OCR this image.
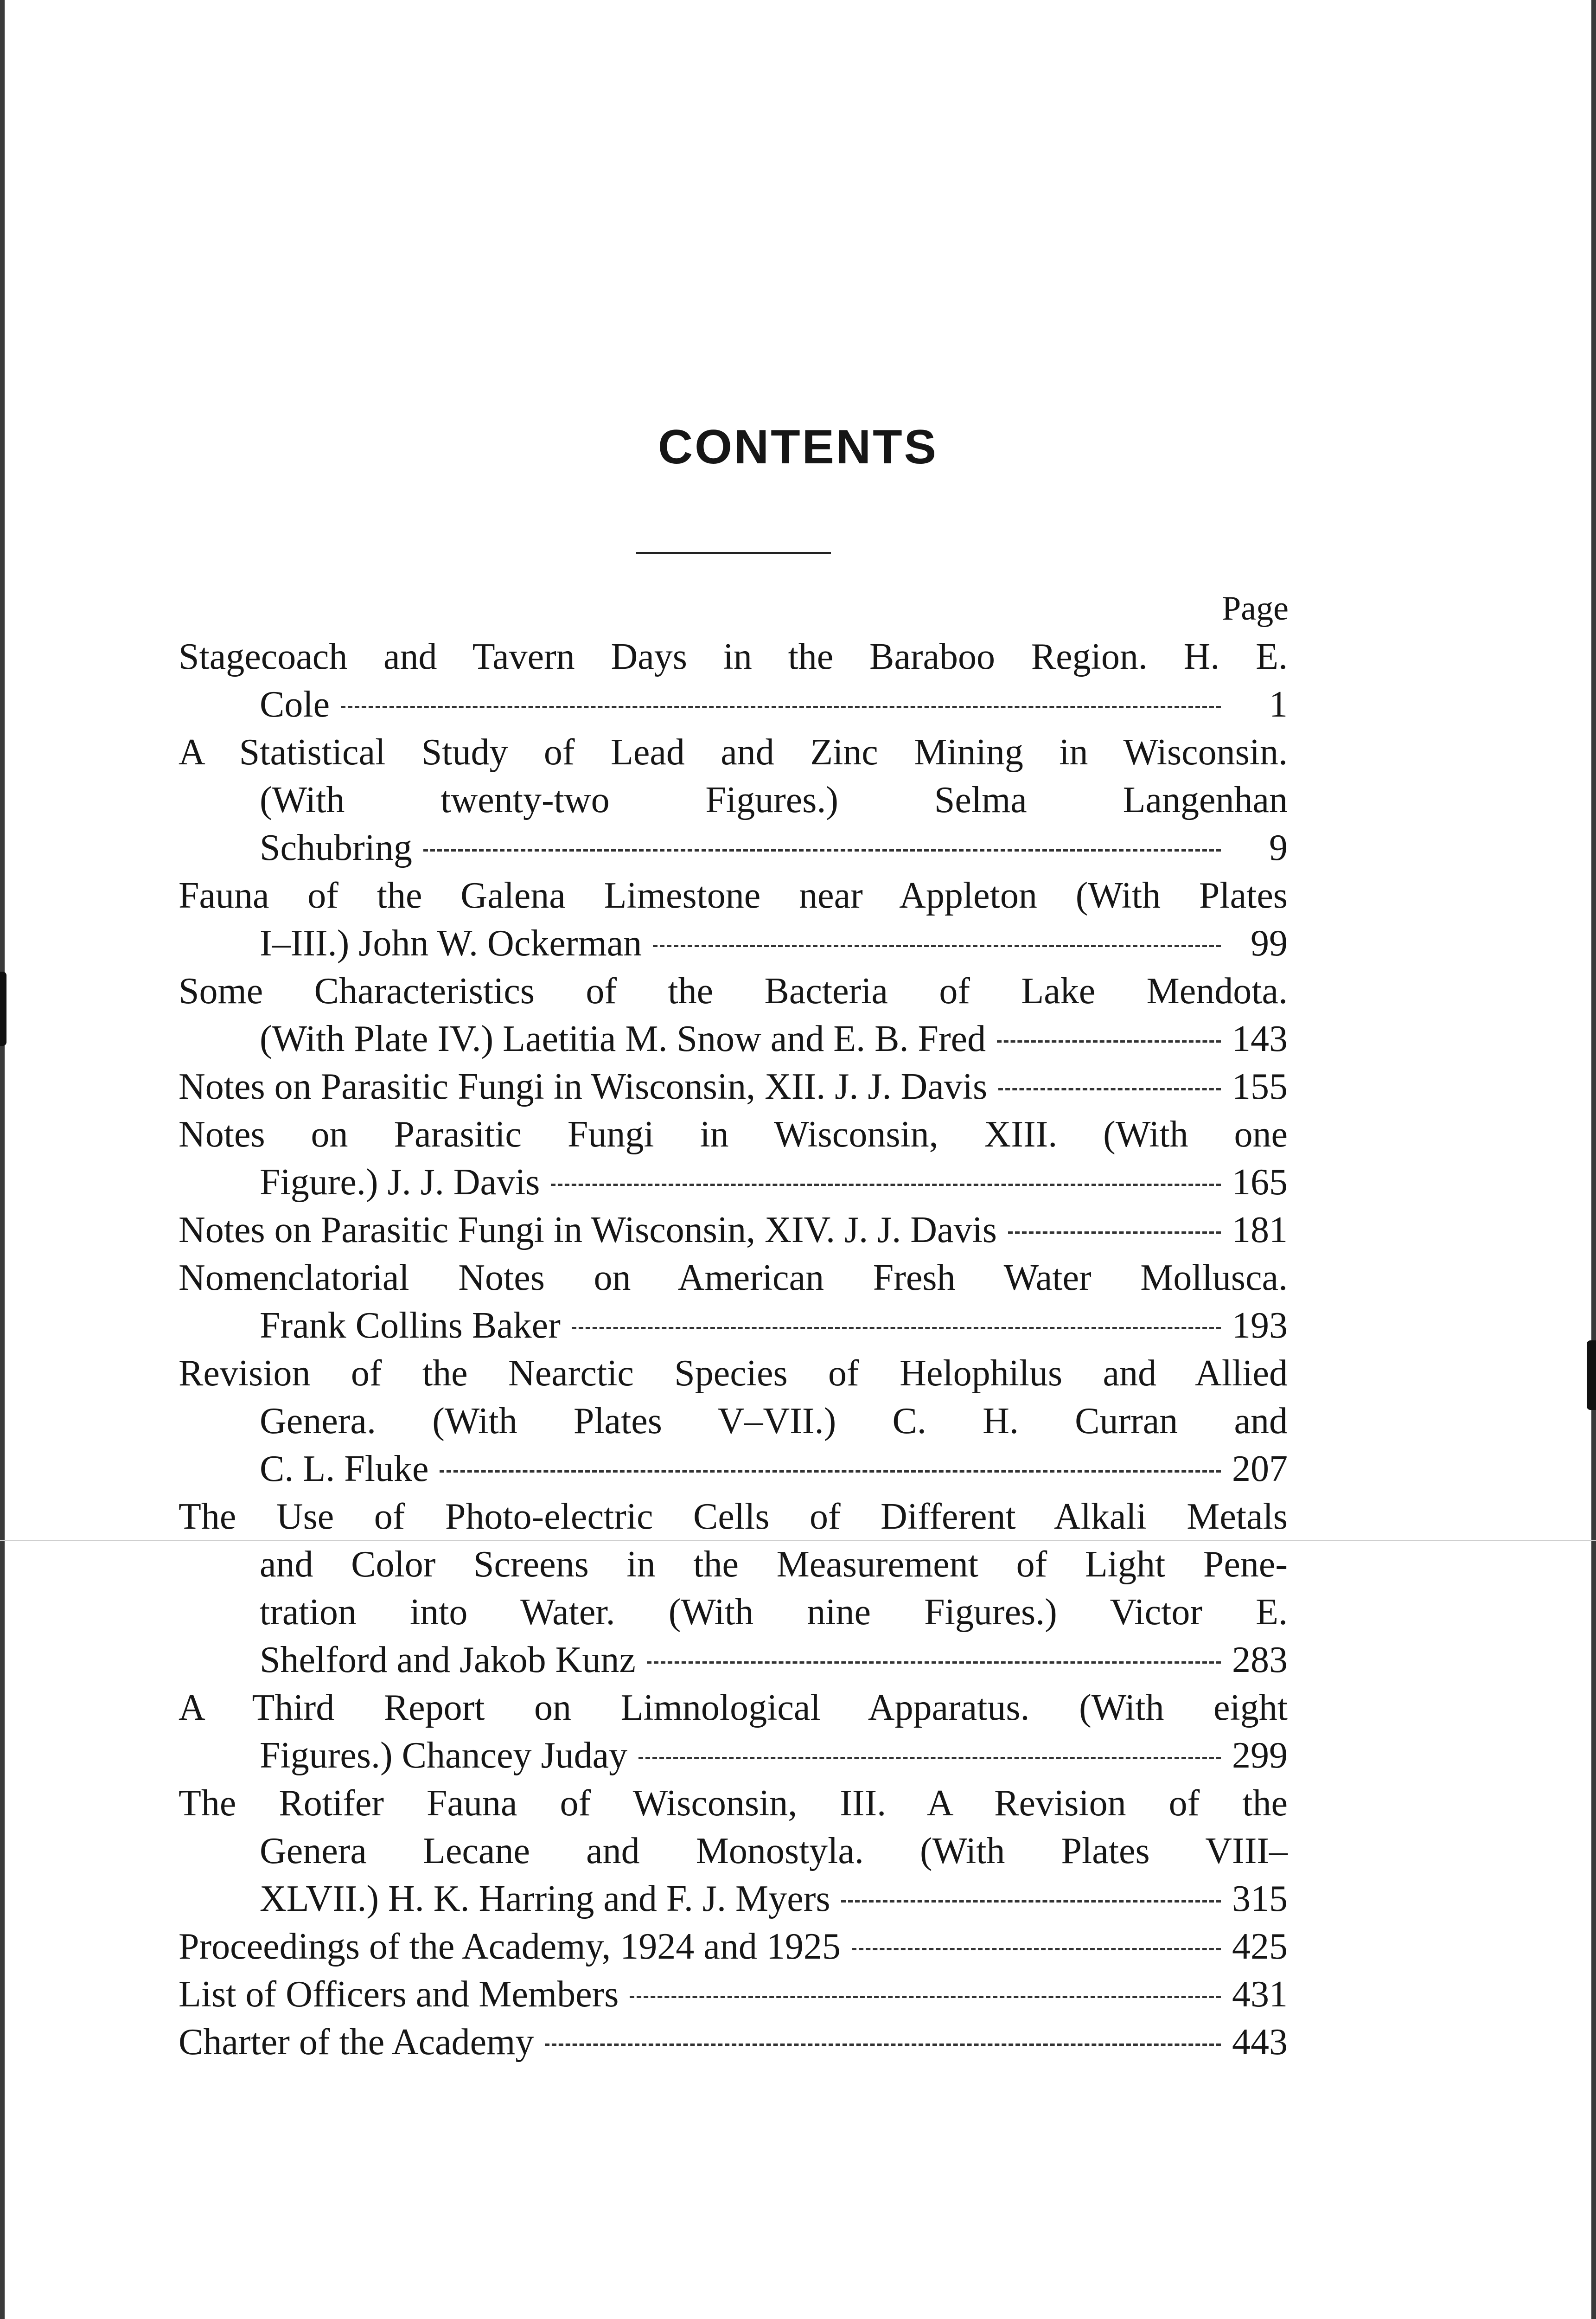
CONTENTS
Page
Stagecoach and Tavern Days in the Baraboo Region. H. E.
Cole	1
A Statistical Study of Lead and Zinc Mining in Wisconsin.
(With twenty-two Figures.) Selma Langenhan
Schubring	9
Fauna of the Galena Limestone near Appleton (With Plates
I–III.) John W. Ockerman	99
Some Characteristics of the Bacteria of Lake Mendota.
(With Plate IV.) Laetitia M. Snow and E. B. Fred	143
Notes on Parasitic Fungi in Wisconsin, XII. J. J. Davis	155
Notes on Parasitic Fungi in Wisconsin, XIII. (With one
Figure.) J. J. Davis	165
Notes on Parasitic Fungi in Wisconsin, XIV. J. J. Davis	181
Nomenclatorial Notes on American Fresh Water Mollusca.
Frank Collins Baker	193
Revision of the Nearctic Species of Helophilus and Allied
Genera. (With Plates V–VII.) C. H. Curran and
C. L. Fluke	207
The Use of Photo-electric Cells of Different Alkali Metals
and Color Screens in the Measurement of Light Pene-
tration into Water. (With nine Figures.) Victor E.
Shelford and Jakob Kunz	283
A Third Report on Limnological Apparatus. (With eight
Figures.) Chancey Juday	299
The Rotifer Fauna of Wisconsin, III. A Revision of the
Genera Lecane and Monostyla. (With Plates VIII–
XLVII.) H. K. Harring and F. J. Myers	315
Proceedings of the Academy, 1924 and 1925	425
List of Officers and Members	431
Charter of the Academy	443
